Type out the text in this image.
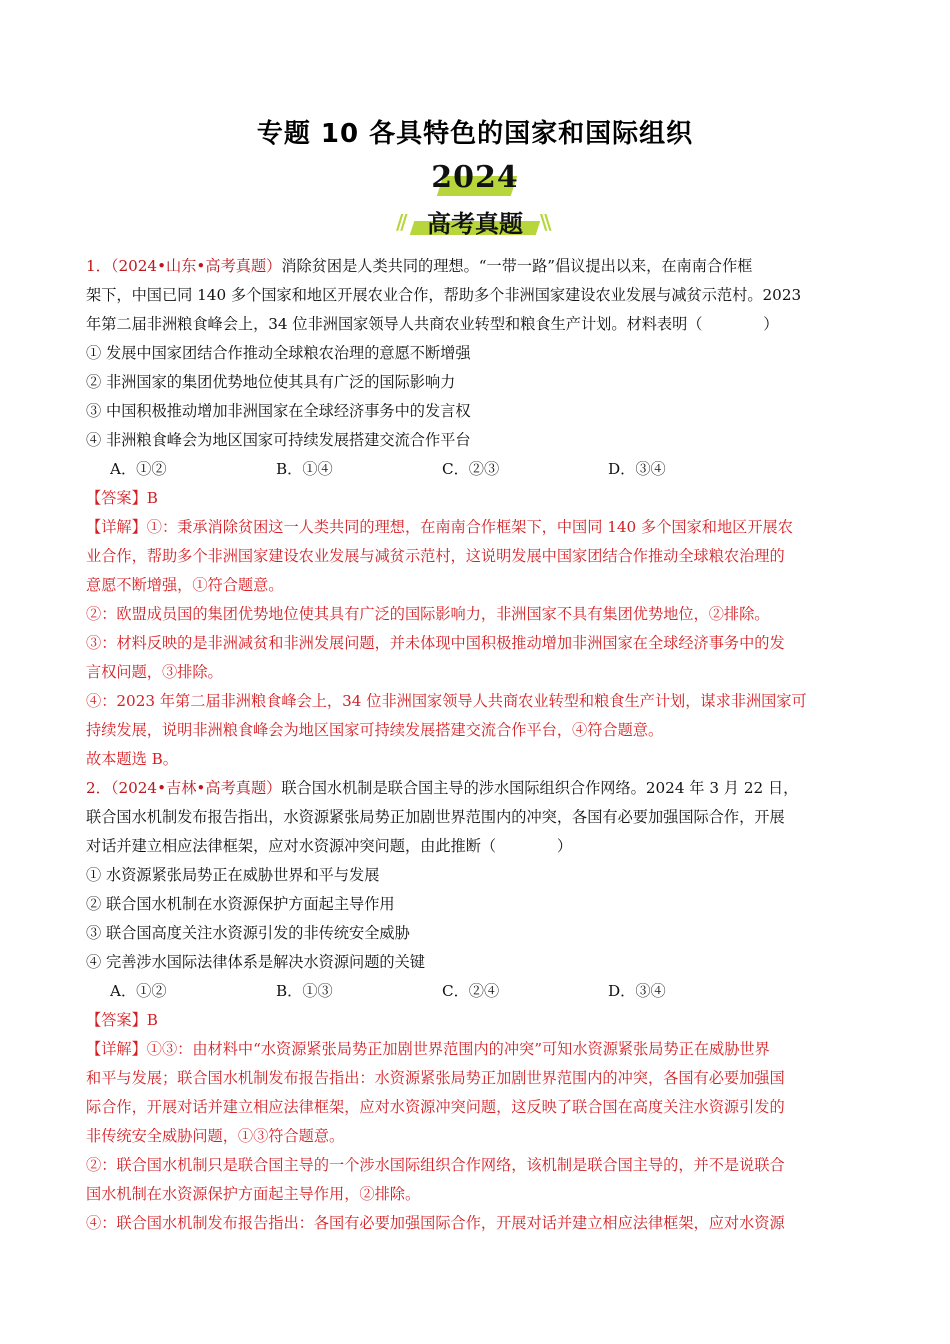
专题 10 各具特色的国家和国际组织
2024
// 高考真题 \\

1．（2024•山东•高考真题）消除贫困是人类共同的理想。“一带一路”倡议提出以来，在南南合作框

架下，中国已同 140 多个国家和地区开展农业合作，帮助多个非洲国家建设农业发展与减贫示范村。2023

年第二届非洲粮食峰会上，34 位非洲国家领导人共商农业转型和粮食生产计划。材料表明（　　　　）

① 发展中国家团结合作推动全球粮农治理的意愿不断增强

② 非洲国家的集团优势地位使其具有广泛的国际影响力

③ 中国积极推动增加非洲国家在全球经济事务中的发言权

④ 非洲粮食峰会为地区国家可持续发展搭建交流合作平台

A．①②	B．①④	C．②③	D．③④

【答案】B

【详解】①：秉承消除贫困这一人类共同的理想，在南南合作框架下，中国同 140 多个国家和地区开展农

业合作，帮助多个非洲国家建设农业发展与减贫示范村，这说明发展中国家团结合作推动全球粮农治理的

意愿不断增强，①符合题意。

②：欧盟成员国的集团优势地位使其具有广泛的国际影响力，非洲国家不具有集团优势地位，②排除。

③：材料反映的是非洲减贫和非洲发展问题，并未体现中国积极推动增加非洲国家在全球经济事务中的发

言权问题，③排除。

④：2023 年第二届非洲粮食峰会上，34 位非洲国家领导人共商农业转型和粮食生产计划，谋求非洲国家可

持续发展，说明非洲粮食峰会为地区国家可持续发展搭建交流合作平台，④符合题意。

故本题选 B。

2．（2024•吉林•高考真题）联合国水机制是联合国主导的涉水国际组织合作网络。2024 年 3 月 22 日，

联合国水机制发布报告指出，水资源紧张局势正加剧世界范围内的冲突，各国有必要加强国际合作，开展

对话并建立相应法律框架，应对水资源冲突问题，由此推断（　　　　）

① 水资源紧张局势正在威胁世界和平与发展

② 联合国水机制在水资源保护方面起主导作用

③ 联合国高度关注水资源引发的非传统安全威胁

④ 完善涉水国际法律体系是解决水资源问题的关键

A．①②	B．①③	C．②④	D．③④

【答案】B

【详解】①③：由材料中“水资源紧张局势正加剧世界范围内的冲突”可知水资源紧张局势正在威胁世界

和平与发展；联合国水机制发布报告指出：水资源紧张局势正加剧世界范围内的冲突，各国有必要加强国

际合作，开展对话并建立相应法律框架，应对水资源冲突问题，这反映了联合国在高度关注水资源引发的

非传统安全威胁问题，①③符合题意。

②：联合国水机制只是联合国主导的一个涉水国际组织合作网络，该机制是联合国主导的，并不是说联合

国水机制在水资源保护方面起主导作用，②排除。

④：联合国水机制发布报告指出：各国有必要加强国际合作，开展对话并建立相应法律框架，应对水资源
